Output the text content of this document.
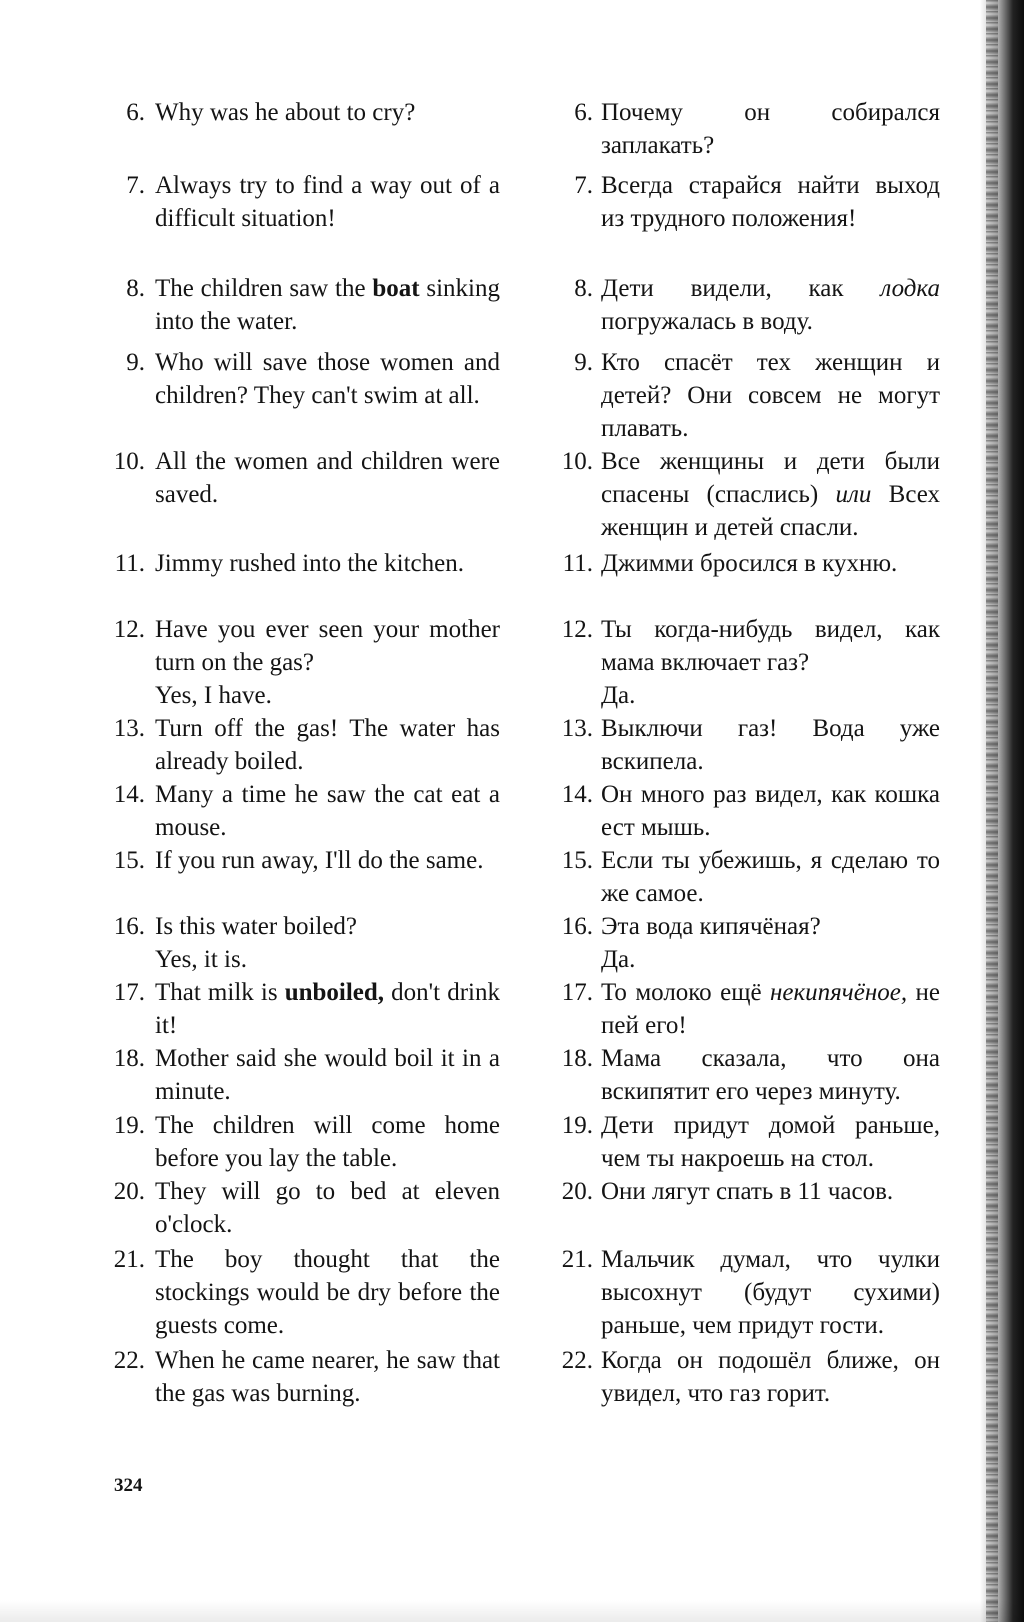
6. Why was he about to cry?
7. Always try to find a way out of a difficult situation!
8. The children saw the boat sinking into the water.
9. Who will save those women and children? They can't swim at all.
10. All the women and children were saved.
11. Jimmy rushed into the kitchen.
12. Have you ever seen your mother turn on the gas?
Yes, I have.
13. Turn off the gas! The water has already boiled.
14. Many a time he saw the cat eat a mouse.
15. If you run away, I'll do the same.
16. Is this water boiled?
Yes, it is.
17. That milk is unboiled, don't drink it!
18. Mother said she would boil it in a minute.
19. The children will come home before you lay the table.
20. They will go to bed at eleven o'clock.
21. The boy thought that the stockings would be dry before the guests come.
22. When he came nearer, he saw that the gas was burning.
6. Почему он собирался заплакать?
7. Всегда старайся найти выход из трудного положения!
8. Дети видели, как лодка погружалась в воду.
9. Кто спасёт тех женщин и детей? Они совсем не могут плавать.
10. Все женщины и дети были спасены (спаслись) или Всех женщин и детей спасли.
11. Джимми бросился в кухню.
12. Ты когда-нибудь видел, как мама включает газ?
Да.
13. Выключи газ! Вода уже вскипела.
14. Он много раз видел, как кошка ест мышь.
15. Если ты убежишь, я сделаю то же самое.
16. Эта вода кипячёная?
Да.
17. То молоко ещё некипячёное, не пей его!
18. Мама сказала, что она вскипятит его через минуту.
19. Дети придут домой раньше, чем ты накроешь на стол.
20. Они лягут спать в 11 часов.
21. Мальчик думал, что чулки высохнут (будут сухими) раньше, чем придут гости.
22. Когда он подошёл ближе, он увидел, что газ горит.
324
